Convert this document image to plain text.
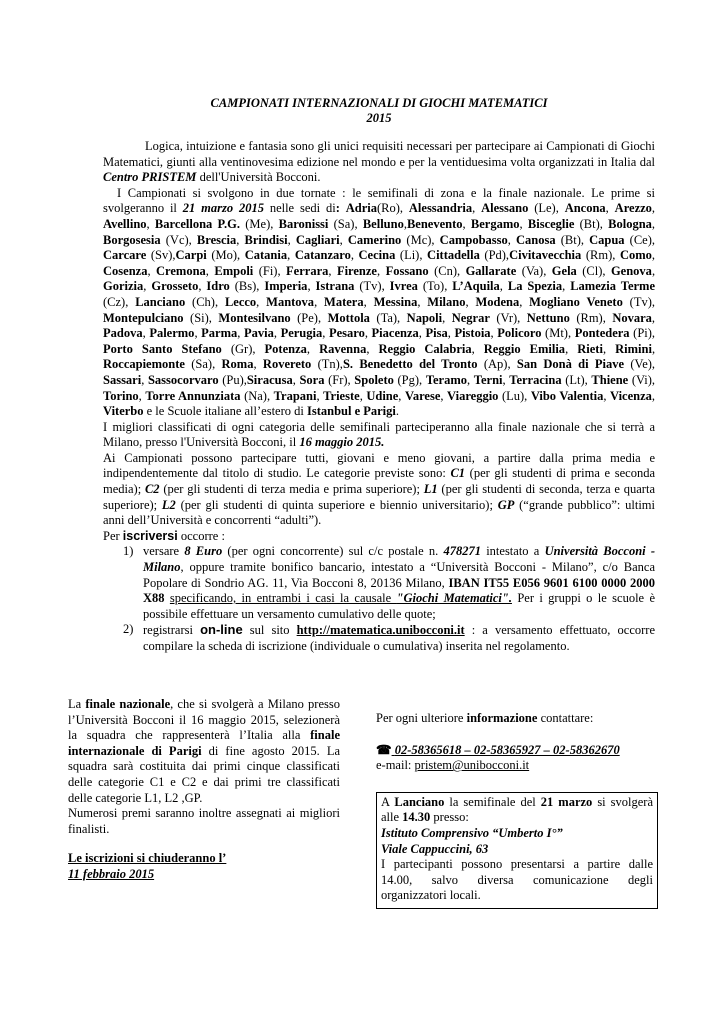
CAMPIONATI INTERNAZIONALI DI GIOCHI MATEMATICI
2015

Logica, intuizione e fantasia sono gli unici requisiti necessari per partecipare ai Campionati di Giochi Matematici, giunti alla ventinovesima edizione nel mondo e per la ventiduesima volta organizzati in Italia dal Centro PRISTEM dell'Università Bocconi.

I Campionati si svolgono in due tornate : le semifinali di zona e la finale nazionale. Le prime si svolgeranno il 21 marzo 2015 nelle sedi di: Adria(Ro), Alessandria, Alessano (Le), Ancona, Arezzo, Avellino, Barcellona P.G. (Me), Baronissi (Sa), Belluno,Benevento, Bergamo, Bisceglie (Bt), Bologna, Borgosesia (Vc), Brescia, Brindisi, Cagliari, Camerino (Mc), Campobasso, Canosa (Bt), Capua (Ce), Carcare (Sv),Carpi (Mo), Catania, Catanzaro, Cecina (Li), Cittadella (Pd),Civitavecchia (Rm), Como, Cosenza, Cremona, Empoli (Fi), Ferrara, Firenze, Fossano (Cn), Gallarate (Va), Gela (Cl), Genova, Gorizia, Grosseto, Idro (Bs), Imperia, Istrana (Tv), Ivrea (To), L’Aquila, La Spezia, Lamezia Terme (Cz), Lanciano (Ch), Lecco, Mantova, Matera, Messina, Milano, Modena, Mogliano Veneto (Tv), Montepulciano (Si), Montesilvano (Pe), Mottola (Ta), Napoli, Negrar (Vr), Nettuno (Rm), Novara, Padova, Palermo, Parma, Pavia, Perugia, Pesaro, Piacenza, Pisa, Pistoia, Policoro (Mt), Pontedera (Pi), Porto Santo Stefano (Gr), Potenza, Ravenna, Reggio Calabria, Reggio Emilia, Rieti, Rimini, Roccapiemonte (Sa), Roma, Rovereto (Tn),S. Benedetto del Tronto (Ap), San Donà di Piave (Ve), Sassari, Sassocorvaro (Pu),Siracusa, Sora (Fr), Spoleto (Pg), Teramo, Terni, Terracina (Lt), Thiene (Vi), Torino, Torre Annunziata (Na), Trapani, Trieste, Udine, Varese, Viareggio (Lu), Vibo Valentia, Vicenza, Viterbo e le Scuole italiane all’estero di Istanbul e Parigi.

I migliori classificati di ogni categoria delle semifinali parteciperanno alla finale nazionale che si terrà a Milano, presso l'Università Bocconi, il 16 maggio 2015.

Ai Campionati possono partecipare tutti, giovani e meno giovani, a partire dalla prima media e indipendentemente dal titolo di studio. Le categorie previste sono: C1 (per gli studenti di prima e seconda media); C2 (per gli studenti di terza media e prima superiore); L1 (per gli studenti di seconda, terza e quarta superiore); L2 (per gli studenti di quinta superiore e biennio universitario); GP (“grande pubblico”: ultimi anni dell’Università e concorrenti “adulti”).

Per iscriversi occorre :

1) versare 8 Euro (per ogni concorrente) sul c/c postale n. 478271 intestato a Università Bocconi - Milano, oppure tramite bonifico bancario, intestato a “Università Bocconi - Milano”, c/o Banca Popolare di Sondrio AG. 11, Via Bocconi 8, 20136 Milano, IBAN IT55 E056 9601 6100 0000 2000 X88 specificando, in entrambi i casi la causale "Giochi Matematici". Per i gruppi o le scuole è possibile effettuare un versamento cumulativo delle quote;
2) registrarsi on-line sul sito http://matematica.unibocconi.it : a versamento effettuato, occorre compilare la scheda di iscrizione (individuale o cumulativa) inserita nel regolamento.

La finale nazionale, che si svolgerà a Milano presso l’Università Bocconi il 16 maggio 2015, selezionerà la squadra che rappresenterà l’Italia alla finale internazionale di Parigi di fine agosto 2015. La squadra sarà costituita dai primi cinque classificati delle categorie C1 e C2 e dai primi tre classificati delle categorie L1, L2 ,GP.

Numerosi premi saranno inoltre assegnati ai migliori finalisti.

Le iscrizioni si chiuderanno l’
11 febbraio 2015

Per ogni ulteriore informazione contattare:

☎ 02-58365618 – 02-58365927 – 02-58362670

e-mail: pristem@unibocconi.it

A Lanciano la semifinale del 21 marzo si svolgerà alle 14.30 presso:

Istituto Comprensivo “Umberto I°”

Viale Cappuccini, 63

I partecipanti possono presentarsi a partire dalle 14.00, salvo diversa comunicazione degli organizzatori locali.
